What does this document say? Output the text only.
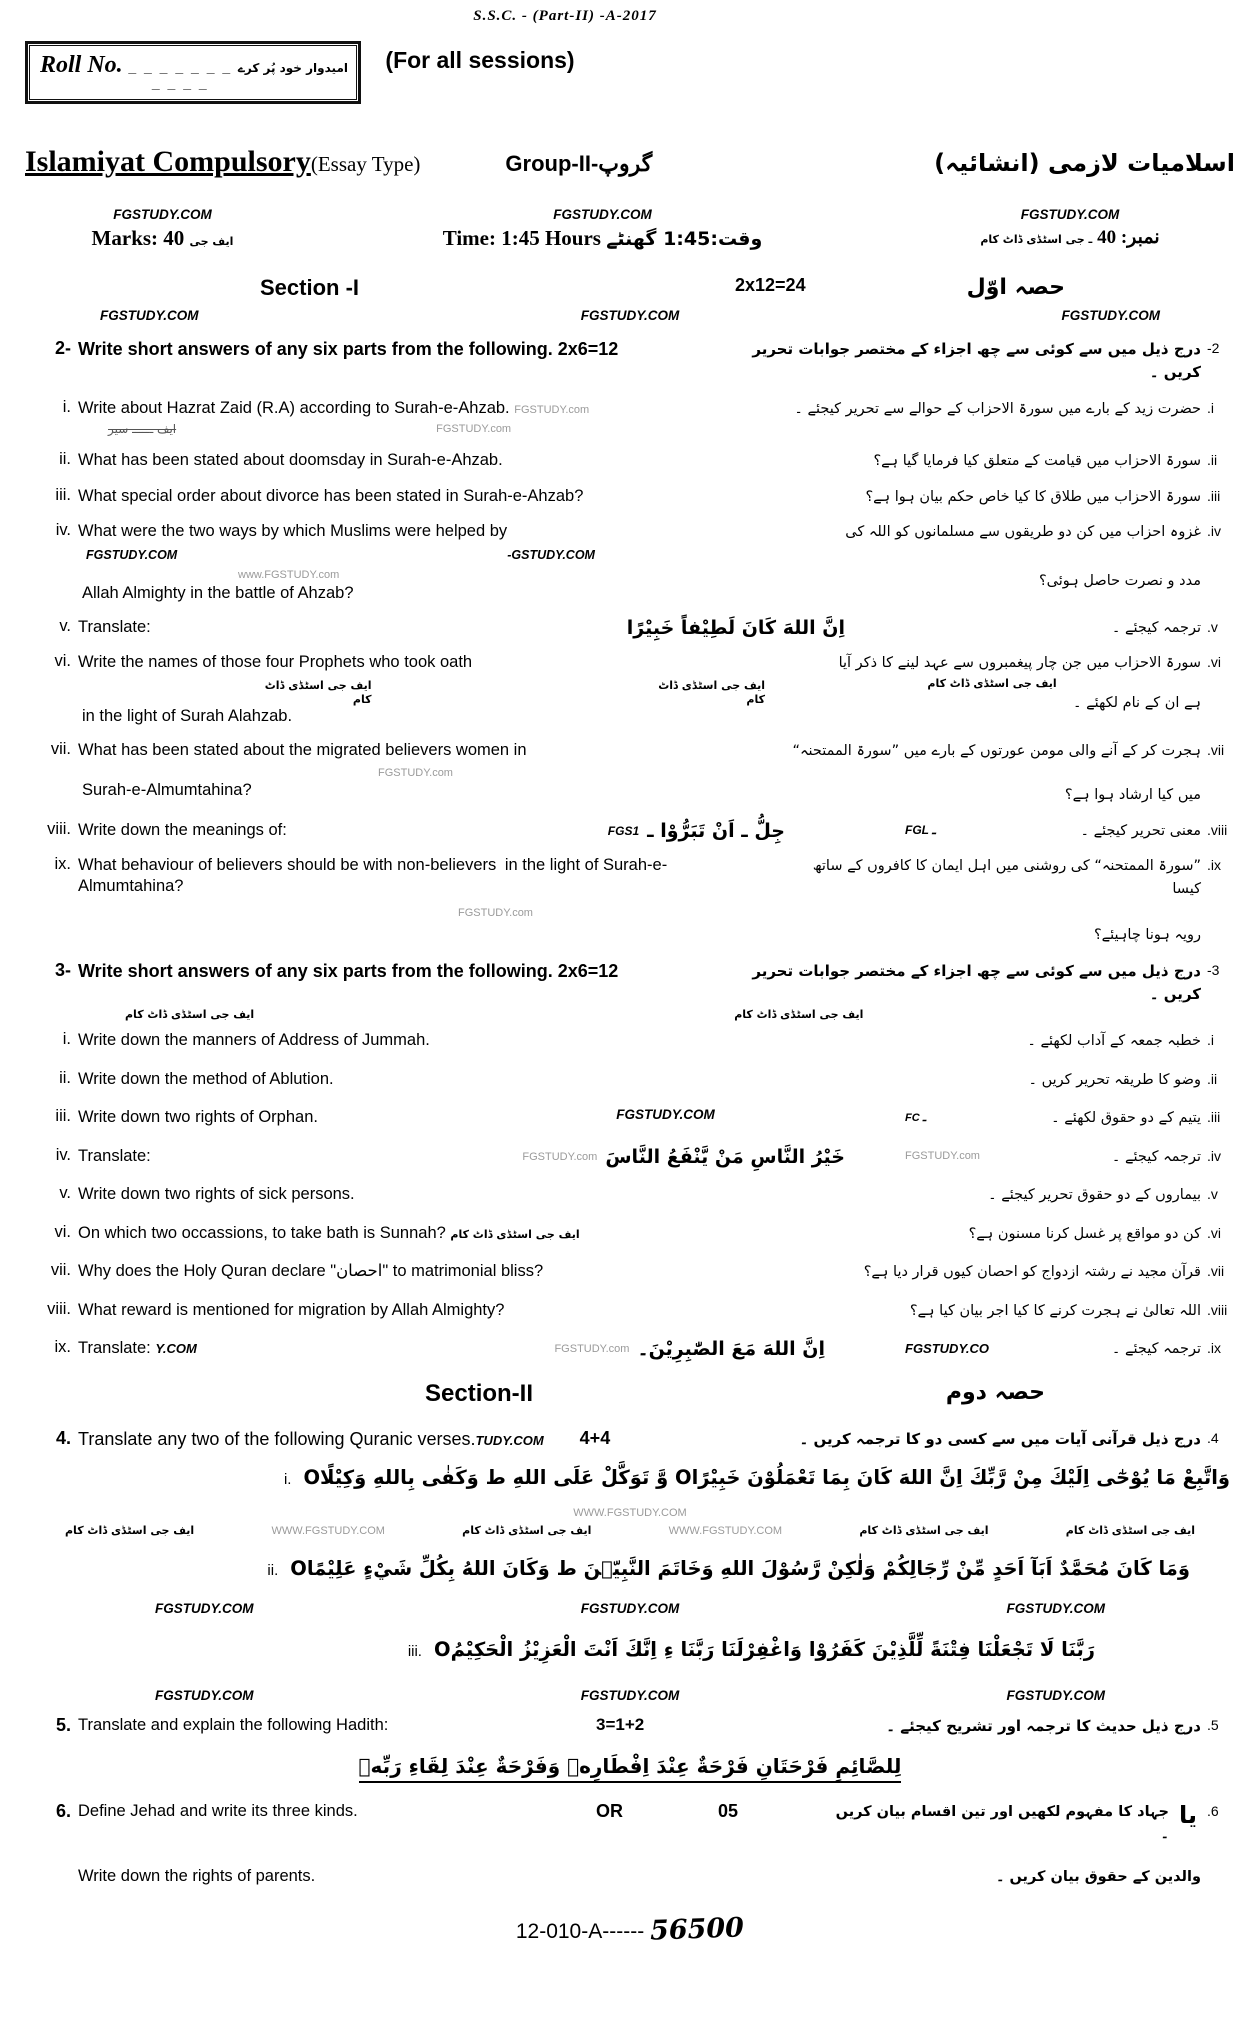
S.S.C. - (Part-II) -A-2017
Roll No. _ _ _ _ _ _ _ _ _ _ _
امیدوار خود پُر کرے	(For all sessions)
Islamiyat Compulsory (Essay Type)	Group-II-گروپ	اسلامیات لازمی (انشائیہ)
FGSTUDY.COM
Marks: 40 ایف جی
FGSTUDY.COM
Time: 1:45 Hours وقت:1:45 گھنٹے
FGSTUDY.COM
نمبر: 40 ـ جی اسٹڈی ڈاٹ کام
Section -I	2x12=24	حصہ اوّل
FGSTUDY.COM	FGSTUDY.COM	FGSTUDY.COM
2- Write short answers of any six parts from the following. 2x6=12	درج ذیل میں سے کوئی سے چھ اجزاء کے مختصر جوابات تحریر کریں ۔
-2
i. Write about Hazrat Zaid (R.A) according to Surah-e-Ahzab. FGSTUDY.com
ایف ــــــ سیر	FGSTUDY.com
حضرت زید کے بارے میں سورۃ الاحزاب کے حوالے سے تحریر کیجئے ۔ .i
ii. What has been stated about doomsday in Surah-e-Ahzab.	سورۃ الاحزاب میں قیامت کے متعلق کیا فرمایا گیا ہے؟ .ii
iii. What special order about divorce has been stated in Surah-e-Ahzab?	سورۃ الاحزاب میں طلاق کا کیا خاص حکم بیان ہوا ہے؟ .iii
iv. What were the two ways by which Muslims were helped by
FGSTUDY.COM	-GSTUDY.COM
www.FGSTUDY.com
Allah Almighty in the battle of Ahzab?
غزوہ احزاب میں کن دو طریقوں سے مسلمانوں کو اللہ کی
مدد و نصرت حاصل ہوئی؟
.iv
v. Translate:	اِنَّ اللهَ كَانَ لَطِيْفاً خَبِيْرًا	ترجمہ کیجئے ۔ .v
vi. Write the names of those four Prophets who took oath
ایف جی اسٹڈی ڈاٹ کام
ایف جی اسٹڈی ڈاٹ کام
in the light of Surah Alahzab.
سورۃ الاحزاب میں جن چار پیغمبروں سے عہد لینے کا ذکر آیا
ایف جی اسٹڈی ڈاٹ کام
ہے ان کے نام لکھئے ۔
.vi
vii. What has been stated about the migrated believers women in
FGSTUDY.com
Surah-e-Almumtahina?
ہجرت کر کے آنے والی مومن عورتوں کے بارے میں ”سورۃ الممتحنہ“
میں کیا ارشاد ہوا ہے؟
.vii
viii. Write down the meanings of:	FGS1 جِلُّ ـ اَنْ تَبَرُّوْا ـ	FGL ـ	معنی تحریر کیجئے ۔ .viii
ix. What behaviour of believers should be with non-believers in the light of Surah-e-Almumtahina?
FGSTUDY.com
”سورۃ الممتحنہ“ کی روشنی میں اہل ایمان کا کافروں کے ساتھ کیسا
رویہ ہونا چاہیئے؟
.ix
3- Write short answers of any six parts from the following. 2x6=12	درج ذیل میں سے کوئی سے چھ اجزاء کے مختصر جوابات تحریر کریں ۔
-3
ایف جی اسٹڈی ڈاٹ کام	ایف جی اسٹڈی ڈاٹ کام
i. Write down the manners of Address of Jummah.	خطبہ جمعہ کے آداب لکھئے ۔ .i
ii. Write down the method of Ablution.	وضو کا طریقہ تحریر کریں ۔ .ii
iii. Write down two rights of Orphan.	FGSTUDY.COM	FC ـ	یتیم کے دو حقوق لکھئے ۔ .iii
iv. Translate:	FGSTUDY.com خَيْرُ النَّاسِ مَنْ يَّنْفَعُ النَّاسَ	FGSTUDY.com	ترجمہ کیجئے ۔ .iv
v. Write down two rights of sick persons.	بیماروں کے دو حقوق تحریر کیجئے ۔ .v
vi. On which two occassions, to take bath is Sunnah? ایف جی اسٹڈی ڈاٹ کام	کن دو مواقع پر غسل کرنا مسنون ہے؟ .vi
vii. Why does the Holy Quran declare "احصان" to matrimonial bliss?	قرآن مجید نے رشتہ ازدواج کو احصان کیوں قرار دیا ہے؟ .vii
viii. What reward is mentioned for migration by Allah Almighty?	اللہ تعالیٰ نے ہجرت کرنے کا کیا اجر بیان کیا ہے؟ .viii
ix. Translate: Y.COM	FGSTUDY.com اِنَّ اللهَ مَعَ الصّٰبِرِيْنَ۔	FGSTUDY.CO	ترجمہ کیجئے ۔ .ix
Section-II	حصہ دوم
4. Translate any two of the following Quranic verses.TUDY.COM	4+4	درج ذیل قرآنی آیات میں سے کسی دو کا ترجمہ کریں ۔ .4
i. وَاتَّبِعْ مَا يُوْحٰٓى اِلَيْكَ مِنْ رَّبِّكَ اِنَّ اللهَ كَانَ بِمَا تَعْمَلُوْنَ خَبِيْرًاO وَّ تَوَكَّلْ عَلَى اللهِ ط وَكَفٰى بِاللهِ وَكِيْلًاO
WWW.FGSTUDY.COM
ایف جی اسٹڈی ڈاٹ کام	WWW.FGSTUDY.COM	ایف جی اسٹڈی ڈاٹ کام	WWW.FGSTUDY.COM	ایف جی اسٹڈی ڈاٹ کام	ایف جی اسٹڈی ڈاٹ کام
ii. وَمَا كَانَ مُحَمَّدٌ اَبَآ اَحَدٍ مِّنْ رِّجَالِكُمْ وَلٰكِنْ رَّسُوْلَ اللهِ وَخَاتَمَ النَّبِيّٖنَ ط وَكَانَ اللهُ بِكُلِّ شَيْءٍ عَلِيْمًاO
FGSTUDY.COM	FGSTUDY.COM	FGSTUDY.COM
iii. رَبَّنَا لَا تَجْعَلْنَا فِتْنَةً لِّلَّذِيْنَ كَفَرُوْا وَاغْفِرْلَنَا رَبَّنَا ءِ اِنَّكَ اَنْتَ الْعَزِيْزُ الْحَكِيْمُO
FGSTUDY.COM	FGSTUDY.COM	FGSTUDY.COM
5. Translate and explain the following Hadith:	3=1+2	درج ذیل حدیث کا ترجمہ اور تشریح کیجئے ۔ .5
لِلصَّائِمِ فَرْحَتَانِ فَرْحَةٌ عِنْدَ اِفْطَارِهٖ وَفَرْحَةٌ عِنْدَ لِقَاءِ رَبِّهٖ
6. Define Jehad and write its three kinds.	OR	05	جہاد کا مفہوم لکھیں اور تین اقسام بیان کریں ۔
یا .6
Write down the rights of parents.	والدین کے حقوق بیان کریں ۔
12-010-A------ 56500
